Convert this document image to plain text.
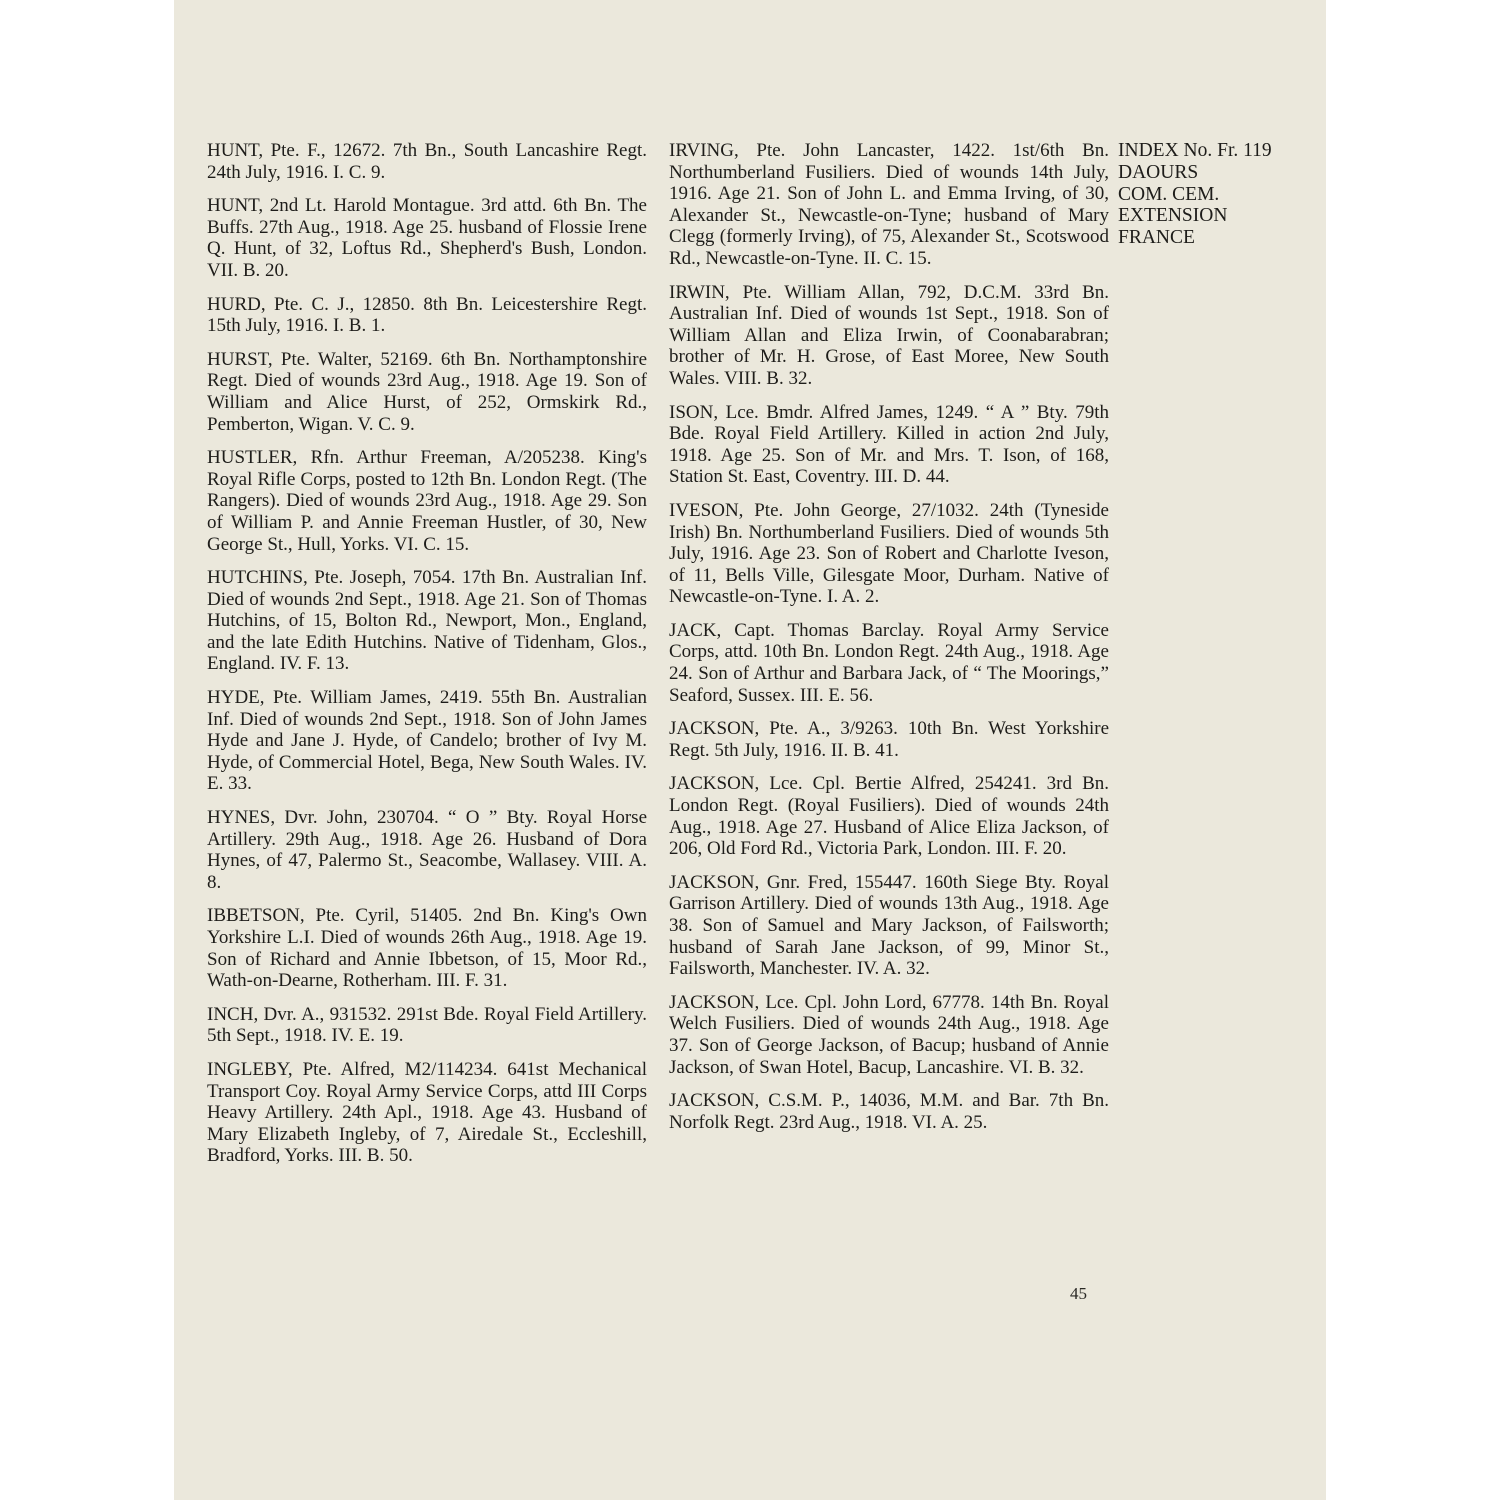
HUNT, Pte. F., 12672. 7th Bn., South Lancashire Regt. 24th July, 1916. I. C. 9.

HUNT, 2nd Lt. Harold Montague. 3rd attd. 6th Bn. The Buffs. 27th Aug., 1918. Age 25. husband of Flossie Irene Q. Hunt, of 32, Loftus Rd., Shepherd's Bush, London. VII. B. 20.

HURD, Pte. C. J., 12850. 8th Bn. Leicestershire Regt. 15th July, 1916. I. B. 1.

HURST, Pte. Walter, 52169. 6th Bn. Northamptonshire Regt. Died of wounds 23rd Aug., 1918. Age 19. Son of William and Alice Hurst, of 252, Ormskirk Rd., Pemberton, Wigan. V. C. 9.

HUSTLER, Rfn. Arthur Freeman, A/205238. King's Royal Rifle Corps, posted to 12th Bn. London Regt. (The Rangers). Died of wounds 23rd Aug., 1918. Age 29. Son of William P. and Annie Freeman Hustler, of 30, New George St., Hull, Yorks. VI. C. 15.

HUTCHINS, Pte. Joseph, 7054. 17th Bn. Australian Inf. Died of wounds 2nd Sept., 1918. Age 21. Son of Thomas Hutchins, of 15, Bolton Rd., Newport, Mon., England, and the late Edith Hutchins. Native of Tidenham, Glos., England. IV. F. 13.

HYDE, Pte. William James, 2419. 55th Bn. Australian Inf. Died of wounds 2nd Sept., 1918. Son of John James Hyde and Jane J. Hyde, of Candelo; brother of Ivy M. Hyde, of Commercial Hotel, Bega, New South Wales. IV. E. 33.

HYNES, Dvr. John, 230704. “ O ” Bty. Royal Horse Artillery. 29th Aug., 1918. Age 26. Husband of Dora Hynes, of 47, Palermo St., Seacombe, Wallasey. VIII. A. 8.

IBBETSON, Pte. Cyril, 51405. 2nd Bn. King's Own Yorkshire L.I. Died of wounds 26th Aug., 1918. Age 19. Son of Richard and Annie Ibbetson, of 15, Moor Rd., Wath-on-Dearne, Rotherham. III. F. 31.

INCH, Dvr. A., 931532. 291st Bde. Royal Field Artillery. 5th Sept., 1918. IV. E. 19.

INGLEBY, Pte. Alfred, M2/114234. 641st Mechanical Transport Coy. Royal Army Service Corps, attd III Corps Heavy Artillery. 24th Apl., 1918. Age 43. Husband of Mary Elizabeth Ingleby, of 7, Airedale St., Eccleshill, Bradford, Yorks. III. B. 50.

IRVING, Pte. John Lancaster, 1422. 1st/6th Bn. Northumberland Fusiliers. Died of wounds 14th July, 1916. Age 21. Son of John L. and Emma Irving, of 30, Alexander St., Newcastle-on-Tyne; husband of Mary Clegg (formerly Irving), of 75, Alexander St., Scotswood Rd., Newcastle-on-Tyne. II. C. 15.

IRWIN, Pte. William Allan, 792, D.C.M. 33rd Bn. Australian Inf. Died of wounds 1st Sept., 1918. Son of William Allan and Eliza Irwin, of Coonabarabran; brother of Mr. H. Grose, of East Moree, New South Wales. VIII. B. 32.

ISON, Lce. Bmdr. Alfred James, 1249. “ A ” Bty. 79th Bde. Royal Field Artillery. Killed in action 2nd July, 1918. Age 25. Son of Mr. and Mrs. T. Ison, of 168, Station St. East, Coventry. III. D. 44.

IVESON, Pte. John George, 27/1032. 24th (Tyneside Irish) Bn. Northumberland Fusiliers. Died of wounds 5th July, 1916. Age 23. Son of Robert and Charlotte Iveson, of 11, Bells Ville, Gilesgate Moor, Durham. Native of Newcastle-on-Tyne. I. A. 2.

JACK, Capt. Thomas Barclay. Royal Army Service Corps, attd. 10th Bn. London Regt. 24th Aug., 1918. Age 24. Son of Arthur and Barbara Jack, of “ The Moorings,” Seaford, Sussex. III. E. 56.

JACKSON, Pte. A., 3/9263. 10th Bn. West Yorkshire Regt. 5th July, 1916. II. B. 41.

JACKSON, Lce. Cpl. Bertie Alfred, 254241. 3rd Bn. London Regt. (Royal Fusiliers). Died of wounds 24th Aug., 1918. Age 27. Husband of Alice Eliza Jackson, of 206, Old Ford Rd., Victoria Park, London. III. F. 20.

JACKSON, Gnr. Fred, 155447. 160th Siege Bty. Royal Garrison Artillery. Died of wounds 13th Aug., 1918. Age 38. Son of Samuel and Mary Jackson, of Failsworth; husband of Sarah Jane Jackson, of 99, Minor St., Failsworth, Manchester. IV. A. 32.

JACKSON, Lce. Cpl. John Lord, 67778. 14th Bn. Royal Welch Fusiliers. Died of wounds 24th Aug., 1918. Age 37. Son of George Jackson, of Bacup; husband of Annie Jackson, of Swan Hotel, Bacup, Lancashire. VI. B. 32.

JACKSON, C.S.M. P., 14036, M.M. and Bar. 7th Bn. Norfolk Regt. 23rd Aug., 1918. VI. A. 25.

INDEX No. Fr. 119
DAOURS
COM. CEM.
EXTENSION
FRANCE
45
